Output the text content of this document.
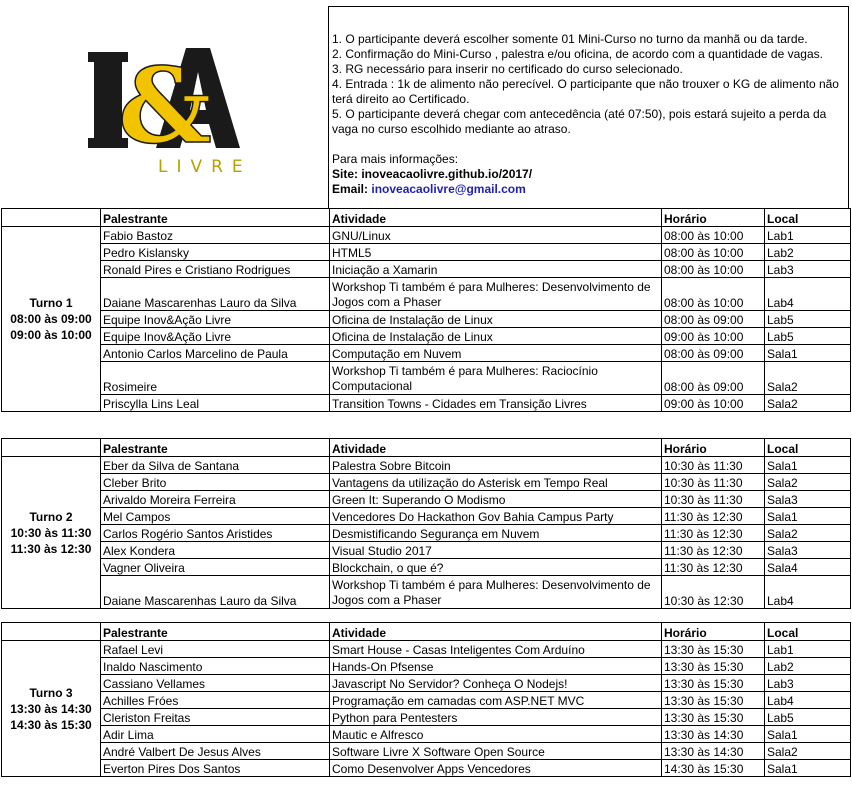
&
LIVRE
1. O participante deverá escolher somente 01 Mini-Curso no turno da manhã ou da tarde.
2. Confirmação do Mini-Curso , palestra e/ou oficina, de acordo com a quantidade de vagas.
3. RG necessário para inserir no certificado do curso selecionado.
4. Entrada : 1k de alimento não perecível. O participante que não trouxer o KG de alimento não terá direito ao Certificado.
5. O participante deverá chegar com antecedência (até 07:50), pois estará sujeito a perda da vaga no curso escolhido mediante ao atraso.
Para mais informações:
Site: inoveacaolivre.github.io/2017/
Email: inoveacaolivre@gmail.com
	Palestrante	Atividade	Horário	Local

Turno 1
08:00 às 09:00
09:00 às 10:00	Fabio Bastoz	GNU/Linux	08:00 às 10:00	Lab1
	Pedro Kislansky	HTML5	08:00 às 10:00	Lab2
	Ronald Pires e Cristiano Rodrigues	Iniciação a Xamarin	08:00 às 10:00	Lab3
	Daiane Mascarenhas Lauro da Silva	Workshop Ti também é para Mulheres: Desenvolvimento de Jogos com a Phaser	08:00 às 10:00	Lab4
	Equipe Inov&Ação Livre	Oficina de Instalação de Linux	08:00 às 09:00	Lab5
	Equipe Inov&Ação Livre	Oficina de Instalação de Linux	09:00 às 10:00	Lab5
	Antonio Carlos Marcelino de Paula	Computação em Nuvem	08:00 às 09:00	Sala1
	Rosimeire	Workshop Ti também é para Mulheres: Raciocínio Computacional	08:00 às 09:00	Sala2
	Priscylla Lins Leal	Transition Towns - Cidades em Transição Livres	09:00 às 10:00	Sala2
	Palestrante	Atividade	Horário	Local

Turno 2
10:30 às 11:30
11:30 às 12:30	Eber da Silva de Santana	Palestra Sobre Bitcoin	10:30 às 11:30	Sala1
	Cleber Brito	Vantagens da utilização do Asterisk em Tempo Real	10:30 às 11:30	Sala2
	Arivaldo Moreira Ferreira	Green It: Superando O Modismo	10:30 às 11:30	Sala3
	Mel Campos	Vencedores Do Hackathon Gov Bahia Campus Party	11:30 às 12:30	Sala1
	Carlos Rogério Santos Aristides	Desmistificando Segurança em Nuvem	11:30 às 12:30	Sala2
	Alex Kondera	Visual Studio 2017	11:30 às 12:30	Sala3
	Vagner Oliveira	Blockchain, o que é?	11:30 às 12:30	Sala4
	Daiane Mascarenhas Lauro da Silva	Workshop Ti também é para Mulheres: Desenvolvimento de Jogos com a Phaser	10:30 às 12:30	Lab4
	Palestrante	Atividade	Horário	Local

Turno 3
13:30 às 14:30
14:30 às 15:30	Rafael Levi	Smart House - Casas Inteligentes Com Arduíno	13:30 às 15:30	Lab1
	Inaldo Nascimento	Hands-On Pfsense	13:30 às 15:30	Lab2
	Cassiano Vellames	Javascript No Servidor? Conheça O Nodejs!	13:30 às 15:30	Lab3
	Achilles Fróes	Programação em camadas com ASP.NET MVC	13:30 às 15:30	Lab4
	Cleriston Freitas	Python para Pentesters	13:30 às 15:30	Lab5
	Adir Lima	Mautic e Alfresco	13:30 às 14:30	Sala1
	André Valbert De Jesus Alves	Software Livre X Software Open Source	13:30 às 14:30	Sala2
	Everton Pires Dos Santos	Como Desenvolver Apps Vencedores	14:30 às 15:30	Sala1
